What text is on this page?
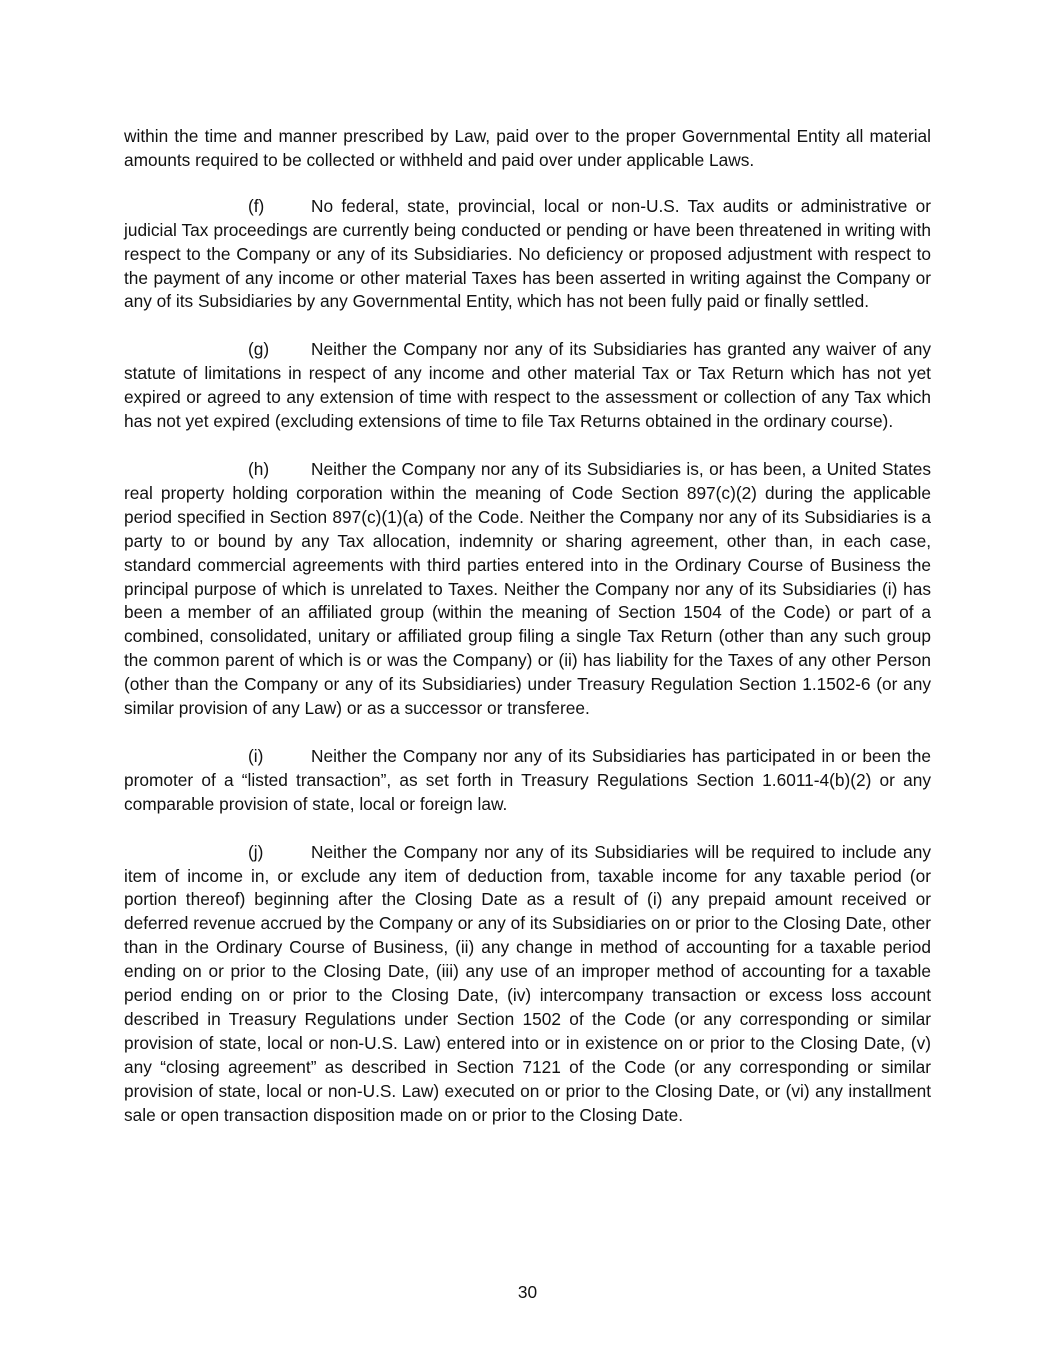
within the time and manner prescribed by Law, paid over to the proper Governmental Entity all material amounts required to be collected or withheld and paid over under applicable Laws.

(f)	No federal, state, provincial, local or non-U.S. Tax audits or administrative or judicial Tax proceedings are currently being conducted or pending or have been threatened in writing with respect to the Company or any of its Subsidiaries. No deficiency or proposed adjustment with respect to the payment of any income or other material Taxes has been asserted in writing against the Company or any of its Subsidiaries by any Governmental Entity, which has not been fully paid or finally settled.

(g) Neither the Company nor any of its Subsidiaries has granted any waiver of any statute of limitations in respect of any income and other material Tax or Tax Return which has not yet expired or agreed to any extension of time with respect to the assessment or collection of any Tax which has not yet expired (excluding extensions of time to file Tax Returns obtained in the ordinary course).

(h) Neither the Company nor any of its Subsidiaries is, or has been, a United States real property holding corporation within the meaning of Code Section 897(c)(2) during the applicable period specified in Section 897(c)(1)(a) of the Code. Neither the Company nor any of its Subsidiaries is a party to or bound by any Tax allocation, indemnity or sharing agreement, other than, in each case, standard commercial agreements with third parties entered into in the Ordinary Course of Business the principal purpose of which is unrelated to Taxes. Neither the Company nor any of its Subsidiaries (i) has been a member of an affiliated group (within the meaning of Section 1504 of the Code) or part of a combined, consolidated, unitary or affiliated group filing a single Tax Return (other than any such group the common parent of which is or was the Company) or (ii) has liability for the Taxes of any other Person (other than the Company or any of its Subsidiaries) under Treasury Regulation Section 1.1502-6 (or any similar provision of any Law) or as a successor or transferee.

(i)	Neither the Company nor any of its Subsidiaries has participated in or been the promoter of a “listed transaction”, as set forth in Treasury Regulations Section 1.6011-4(b)(2) or any comparable provision of state, local or foreign law.

(j)	Neither the Company nor any of its Subsidiaries will be required to include any item of income in, or exclude any item of deduction from, taxable income for any taxable period (or portion thereof) beginning after the Closing Date as a result of (i) any prepaid amount received or deferred revenue accrued by the Company or any of its Subsidiaries on or prior to the Closing Date, other than in the Ordinary Course of Business, (ii) any change in method of accounting for a taxable period ending on or prior to the Closing Date, (iii) any use of an improper method of accounting for a taxable period ending on or prior to the Closing Date, (iv) intercompany transaction or excess loss account described in Treasury Regulations under Section 1502 of the Code (or any corresponding or similar provision of state, local or non-U.S. Law) entered into or in existence on or prior to the Closing Date, (v) any “closing agreement” as described in Section 7121 of the Code (or any corresponding or similar provision of state, local or non-U.S. Law) executed on or prior to the Closing Date, or (vi) any installment sale or open transaction disposition made on or prior to the Closing Date.

30
